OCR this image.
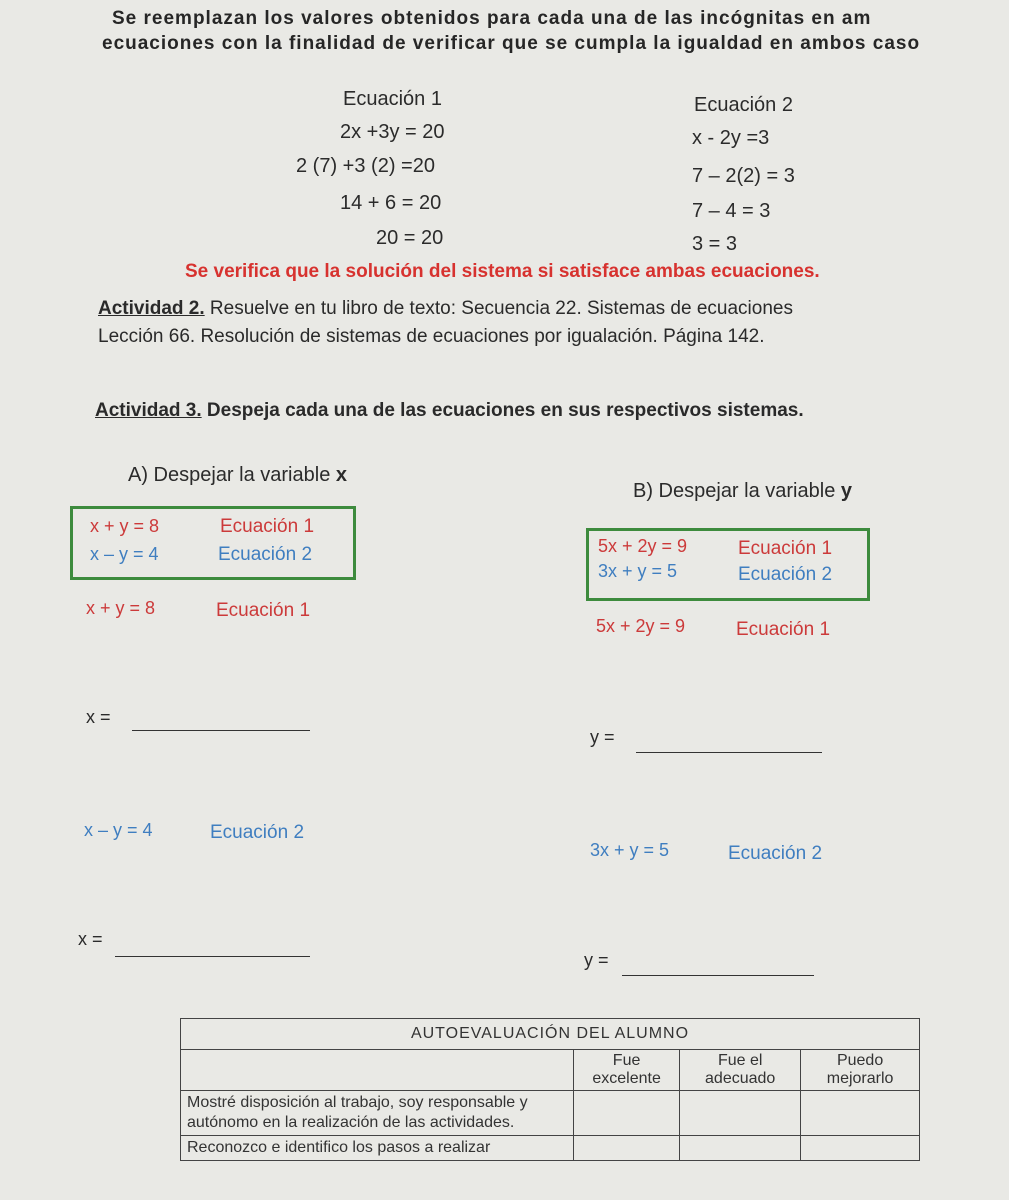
Se reemplazan los valores obtenidos para cada una de las incógnitas en am
ecuaciones con la finalidad de verificar que se cumpla la igualdad en ambos caso
Ecuación 1
2x +3y = 20
2 (7) +3 (2) =20
14 + 6 = 20
20 = 20
Ecuación 2
x - 2y =3
7 – 2(2) = 3
7 – 4 = 3
3 = 3
Se verifica que la solución del sistema si satisface ambas ecuaciones.
Actividad 2. Resuelve en tu libro de texto: Secuencia 22. Sistemas de ecuaciones
Lección 66. Resolución de sistemas de ecuaciones por igualación. Página 142.
Actividad 3. Despeja cada una de las ecuaciones en sus respectivos sistemas.
A) Despejar la variable x
x + y = 8	Ecuación 1
x – y = 4	Ecuación 2
x + y = 8	Ecuación 1
x =
x – y = 4	Ecuación 2
x =
B) Despejar la variable y
5x + 2y = 9	Ecuación 1
3x + y = 5	Ecuación 2
5x + 2y = 9	Ecuación 1
y =
3x + y = 5	Ecuación 2
y =
AUTOEVALUACIÓN DEL ALUMNO			
	Fue excelente	Fue el adecuado	Puedo mejorarlo
Mostré disposición al trabajo, soy responsable y autónomo en la realización de las actividades.			
Reconozco e identifico los pasos a realizar			
